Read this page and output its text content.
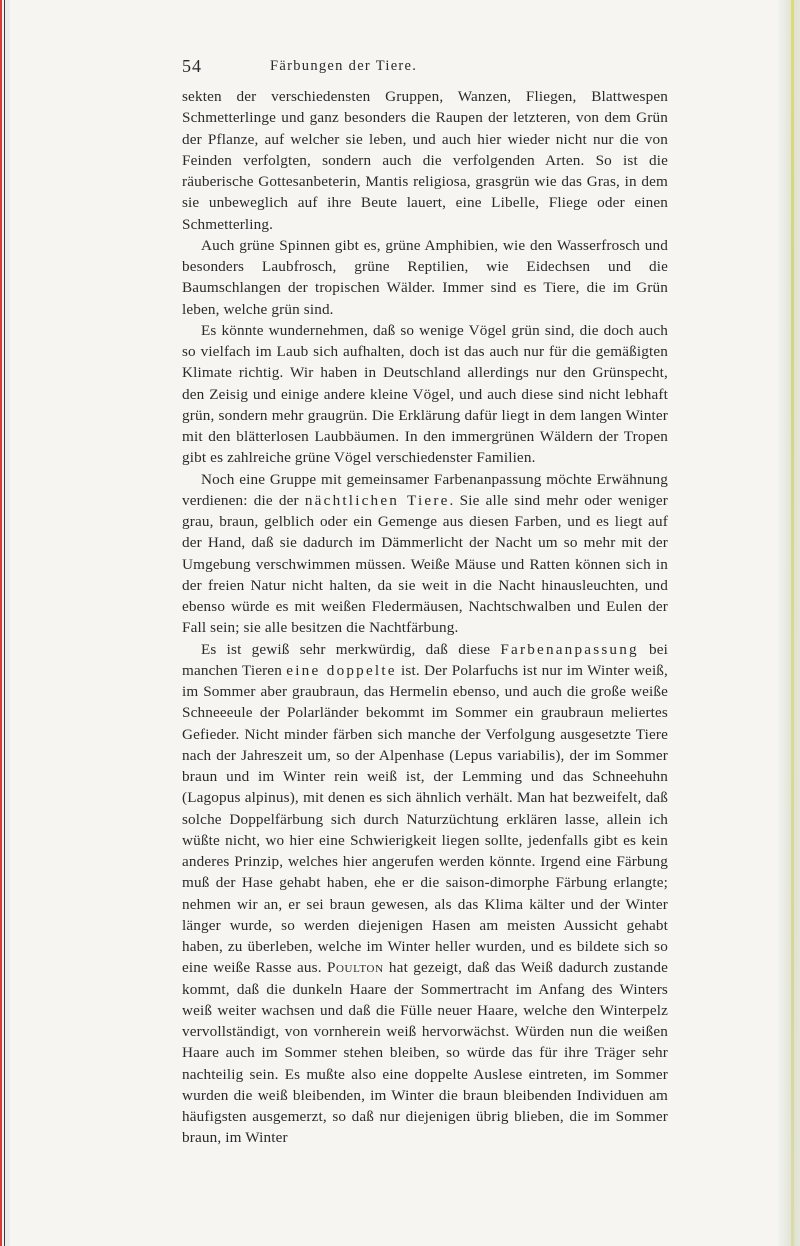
54	Färbungen der Tiere.

sekten der verschiedensten Gruppen, Wanzen, Fliegen, Blattwespen Schmetterlinge und ganz besonders die Raupen der letzteren, von dem Grün der Pflanze, auf welcher sie leben, und auch hier wieder nicht nur die von Feinden verfolgten, sondern auch die verfolgenden Arten. So ist die räuberische Gottesanbeterin, Mantis religiosa, grasgrün wie das Gras, in dem sie unbeweglich auf ihre Beute lauert, eine Libelle, Fliege oder einen Schmetterling.

Auch grüne Spinnen gibt es, grüne Amphibien, wie den Wasserfrosch und besonders Laubfrosch, grüne Reptilien, wie Eidechsen und die Baumschlangen der tropischen Wälder. Immer sind es Tiere, die im Grün leben, welche grün sind.

Es könnte wundernehmen, daß so wenige Vögel grün sind, die doch auch so vielfach im Laub sich aufhalten, doch ist das auch nur für die gemäßigten Klimate richtig. Wir haben in Deutschland allerdings nur den Grünspecht, den Zeisig und einige andere kleine Vögel, und auch diese sind nicht lebhaft grün, sondern mehr graugrün. Die Erklärung dafür liegt in dem langen Winter mit den blätterlosen Laubbäumen. In den immergrünen Wäldern der Tropen gibt es zahlreiche grüne Vögel verschiedenster Familien.

Noch eine Gruppe mit gemeinsamer Farbenanpassung möchte Erwähnung verdienen: die der nächtlichen Tiere. Sie alle sind mehr oder weniger grau, braun, gelblich oder ein Gemenge aus diesen Farben, und es liegt auf der Hand, daß sie dadurch im Dämmerlicht der Nacht um so mehr mit der Umgebung verschwimmen müssen. Weiße Mäuse und Ratten können sich in der freien Natur nicht halten, da sie weit in die Nacht hinausleuchten, und ebenso würde es mit weißen Fledermäusen, Nachtschwalben und Eulen der Fall sein; sie alle besitzen die Nachtfärbung.

Es ist gewiß sehr merkwürdig, daß diese Farbenanpassung bei manchen Tieren eine doppelte ist. Der Polarfuchs ist nur im Winter weiß, im Sommer aber graubraun, das Hermelin ebenso, und auch die große weiße Schneeeule der Polarländer bekommt im Sommer ein graubraun meliertes Gefieder. Nicht minder färben sich manche der Verfolgung ausgesetzte Tiere nach der Jahreszeit um, so der Alpenhase (Lepus variabilis), der im Sommer braun und im Winter rein weiß ist, der Lemming und das Schneehuhn (Lagopus alpinus), mit denen es sich ähnlich verhält. Man hat bezweifelt, daß solche Doppelfärbung sich durch Naturzüchtung erklären lasse, allein ich wüßte nicht, wo hier eine Schwierigkeit liegen sollte, jedenfalls gibt es kein anderes Prinzip, welches hier angerufen werden könnte. Irgend eine Färbung muß der Hase gehabt haben, ehe er die saison-dimorphe Färbung erlangte; nehmen wir an, er sei braun gewesen, als das Klima kälter und der Winter länger wurde, so werden diejenigen Hasen am meisten Aussicht gehabt haben, zu überleben, welche im Winter heller wurden, und es bildete sich so eine weiße Rasse aus. Poulton hat gezeigt, daß das Weiß dadurch zustande kommt, daß die dunkeln Haare der Sommertracht im Anfang des Winters weiß weiter wachsen und daß die Fülle neuer Haare, welche den Winterpelz vervollständigt, von vornherein weiß hervorwächst. Würden nun die weißen Haare auch im Sommer stehen bleiben, so würde das für ihre Träger sehr nachteilig sein. Es mußte also eine doppelte Auslese eintreten, im Sommer wurden die weiß bleibenden, im Winter die braun bleibenden Individuen am häufigsten ausgemerzt, so daß nur diejenigen übrig blieben, die im Sommer braun, im Winter
